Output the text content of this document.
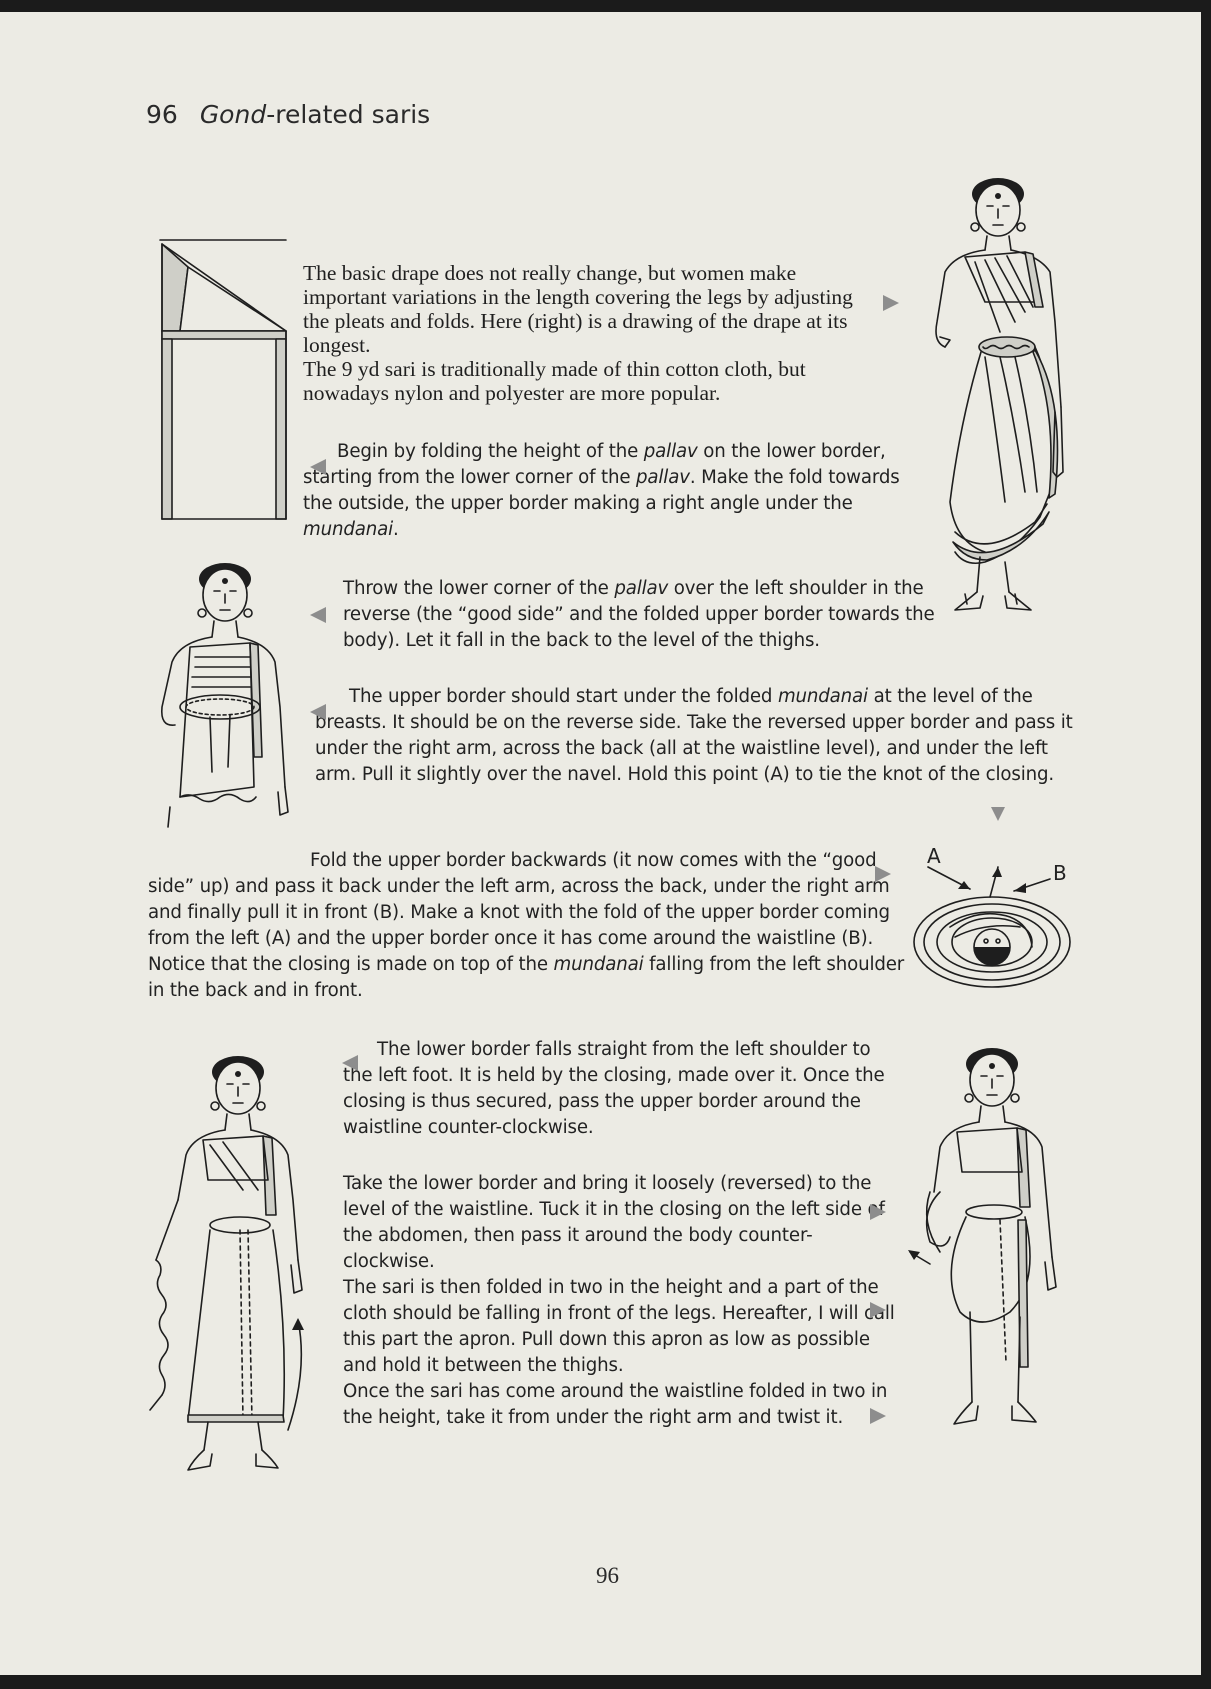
96 Gond-related saris
A
B

The basic drape does not really change, but women make important variations in the length covering the legs by adjusting the pleats and folds. Here (right) is a drawing of the drape at its longest.

The 9 yd sari is traditionally made of thin cotton cloth, but nowadays nylon and polyester are more popular.

Begin by folding the height of the pallav on the lower border, starting from the lower corner of the pallav. Make the fold towards the outside, the upper border making a right angle under the mundanai.

Throw the lower corner of the pallav over the left shoulder in the reverse (the “good side” and the folded upper border towards the body). Let it fall in the back to the level of the thighs.

The upper border should start under the folded mundanai at the level of the breasts. It should be on the reverse side. Take the reversed upper border and pass it under the right arm, across the back (all at the waistline level), and under the left arm. Pull it slightly over the navel. Hold this point (A) to tie the knot of the closing.

Fold the upper border backwards (it now comes with the “good side” up) and pass it back under the left arm, across the back, under the right arm and finally pull it in front (B). Make a knot with the fold of the upper border coming from the left (A) and the upper border once it has come around the waistline (B). Notice that the closing is made on top of the mundanai falling from the left shoulder in the back and in front.

The lower border falls straight from the left shoulder to the left foot. It is held by the closing, made over it. Once the closing is thus secured, pass the upper border around the waistline counter-clockwise.

Take the lower border and bring it loosely (reversed) to the level of the waistline. Tuck it in the closing on the left side of the abdomen, then pass it around the body counter-clockwise.

The sari is then folded in two in the height and a part of the cloth should be falling in front of the legs. Hereafter, I will call this part the apron. Pull down this apron as low as possible and hold it between the thighs.

Once the sari has come around the waistline folded in two in the height, take it from under the right arm and twist it.

96
